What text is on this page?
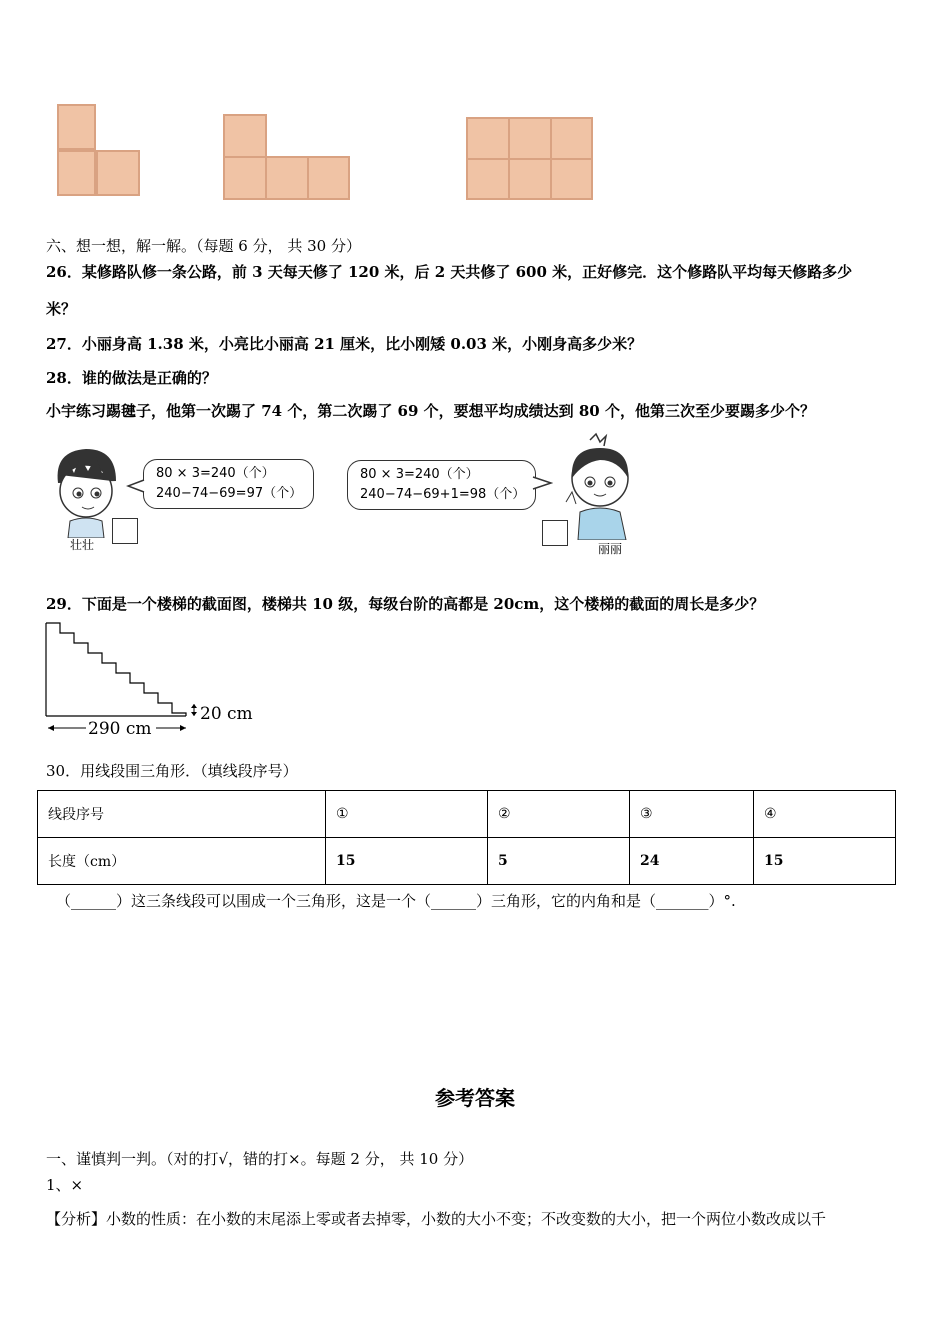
六、想一想，解一解。（每题 6 分， 共 30 分）
26．某修路队修一条公路，前 3 天每天修了 120 米，后 2 天共修了 600 米，正好修完．这个修路队平均每天修路多少
米？
27．小丽身高 1.38 米，小亮比小丽高 21 厘米，比小刚矮 0.03 米，小刚身高多少米？
28．谁的做法是正确的？
小宇练习踢毽子，他第一次踢了 74 个，第二次踢了 69 个，要想平均成绩达到 80 个，他第三次至少要踢多少个？
壮壮
80 × 3=240（个）
240−74−69=97（个）
80 × 3=240（个）
240−74−69+1=98（个）
丽丽
29．下面是一个楼梯的截面图，楼梯共 10 级，每级台阶的高都是 20cm，这个楼梯的截面的周长是多少？
290 cm
20 cm
30．用线段围三角形．（填线段序号）
线段序号	①	②	③	④
长度（cm）	15	5	24	15
（______）这三条线段可以围成一个三角形，这是一个（______）三角形，它的内角和是（_______）°.
参考答案
一、谨慎判一判。（对的打√，错的打×。每题 2 分， 共 10 分）
1、×
【分析】小数的性质：在小数的末尾添上零或者去掉零，小数的大小不变；不改变数的大小，把一个两位小数改成以千
